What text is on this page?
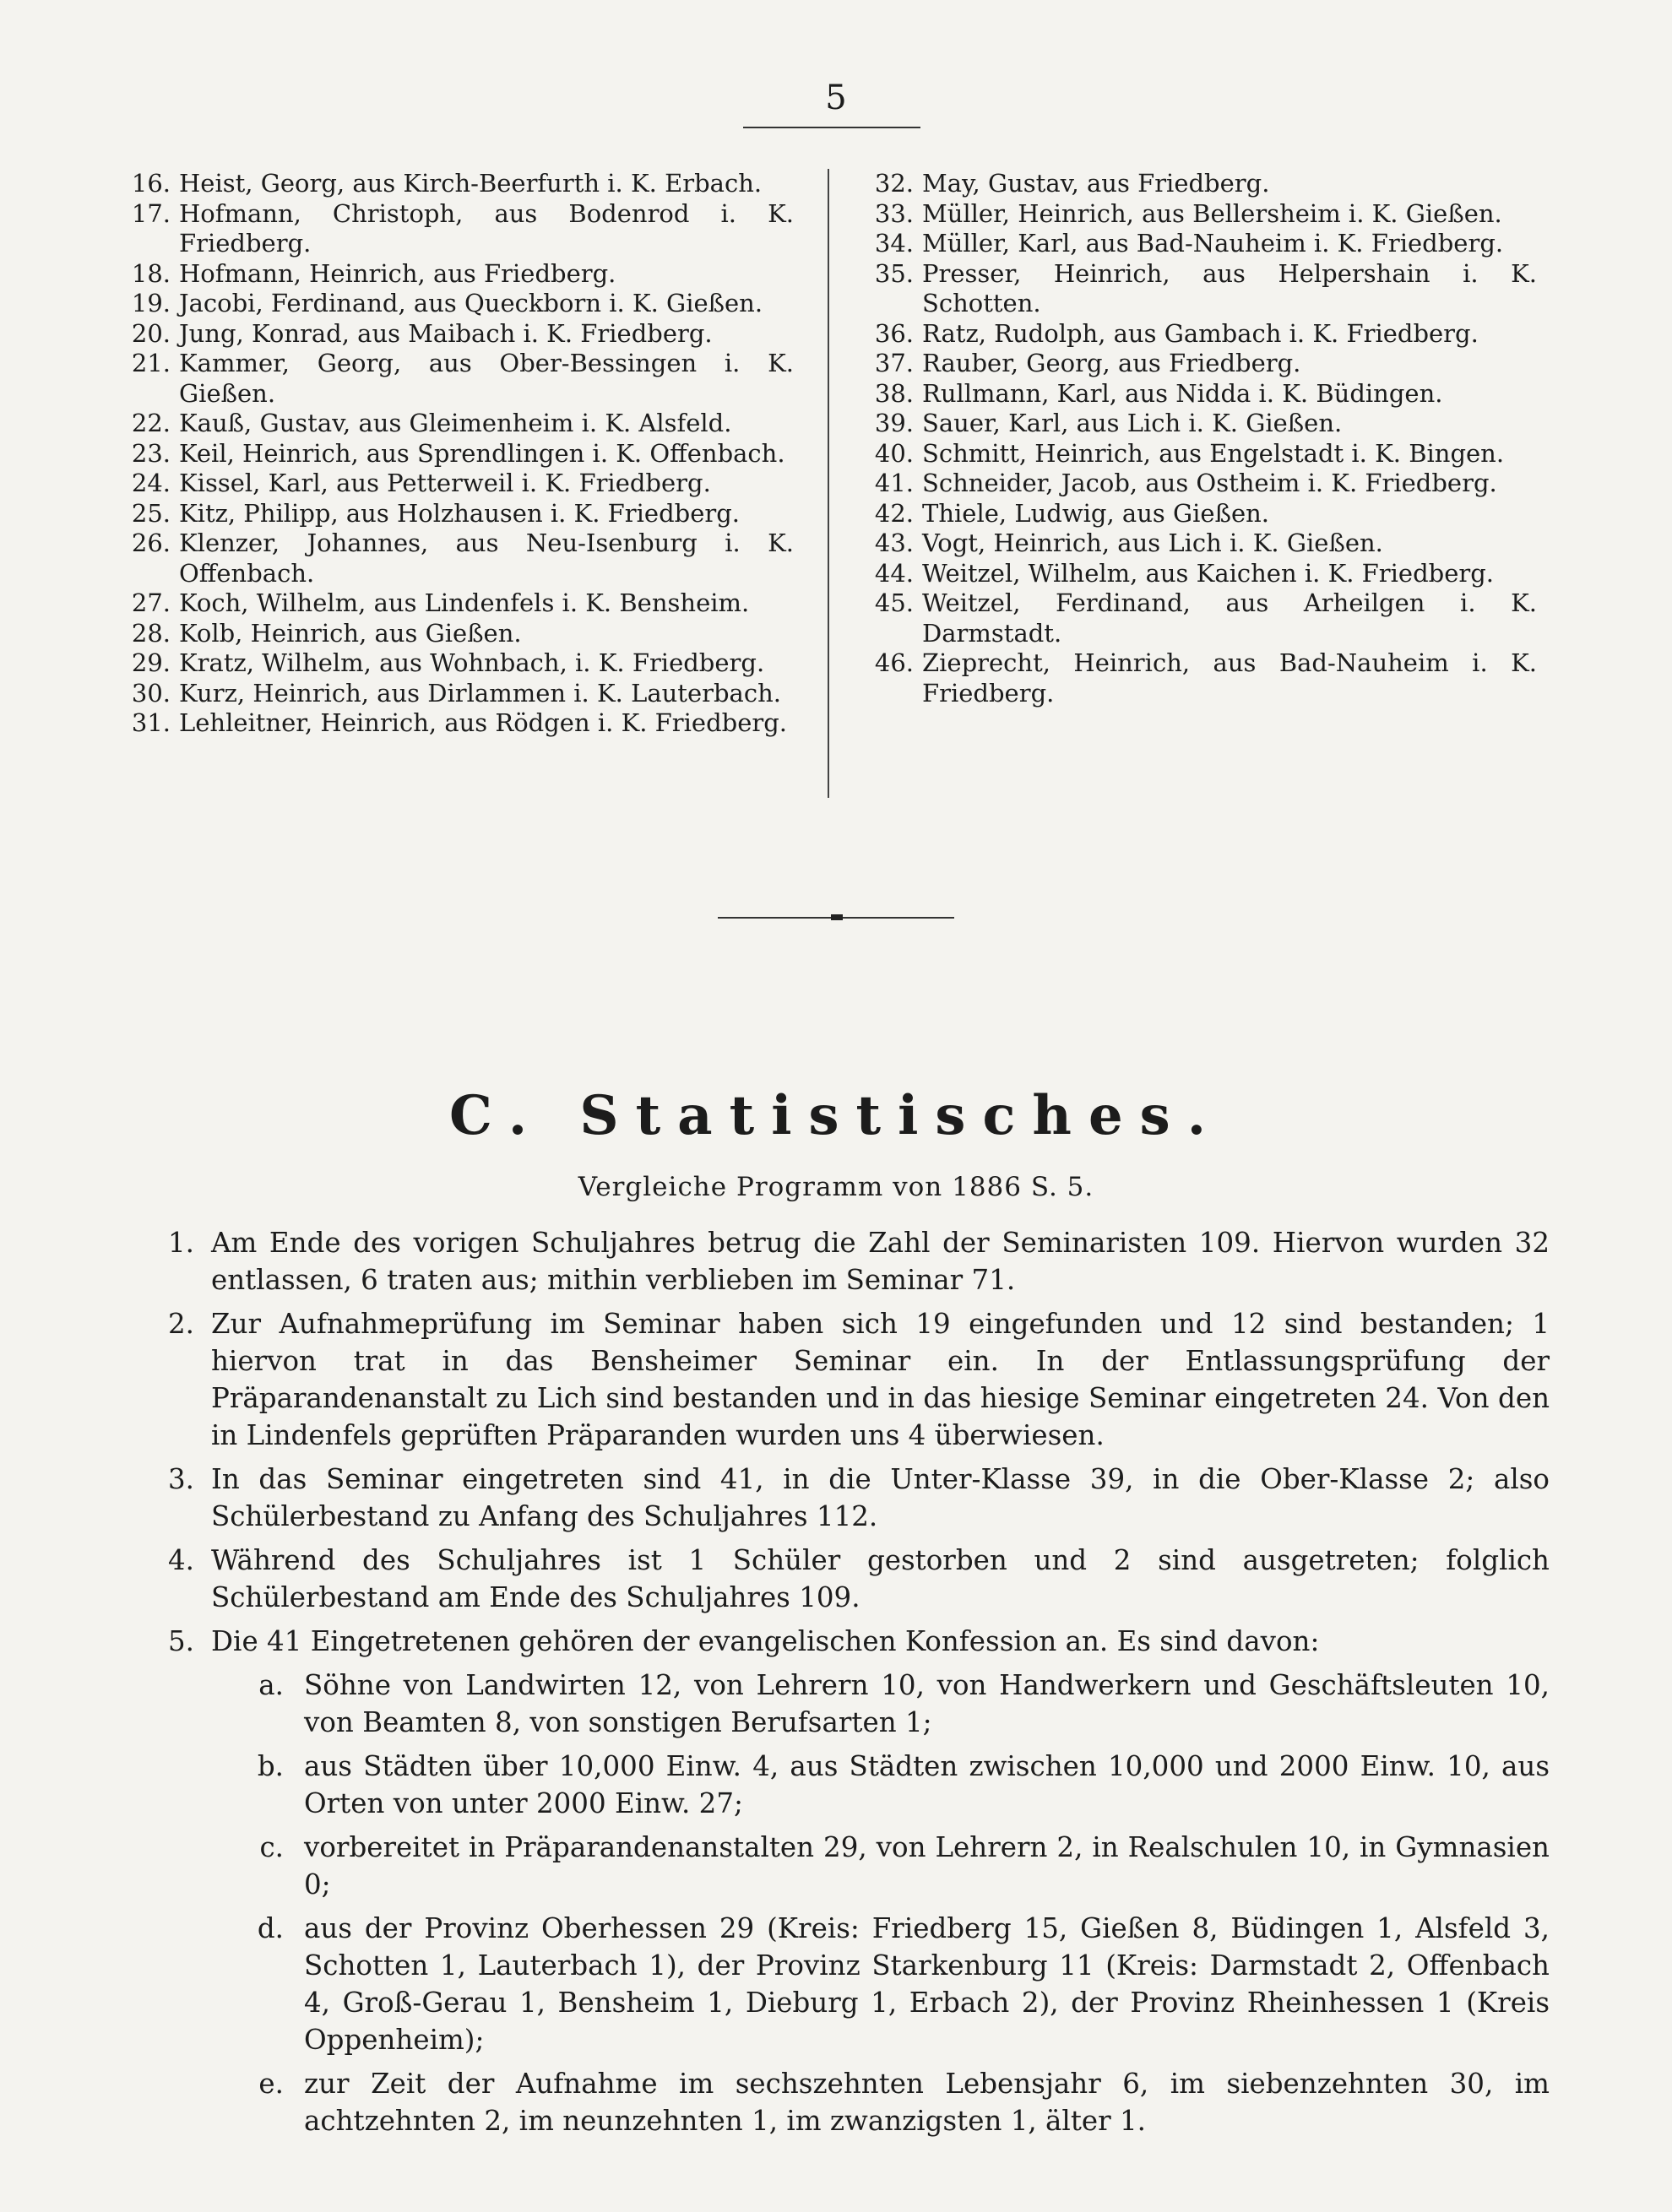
5
16. Heist, Georg, aus Kirch-Beerfurth i. K. Erbach.
17. Hofmann, Christoph, aus Bodenrod i. K. Friedberg.
18. Hofmann, Heinrich, aus Friedberg.
19. Jacobi, Ferdinand, aus Queckborn i. K. Gießen.
20. Jung, Konrad, aus Maibach i. K. Friedberg.
21. Kammer, Georg, aus Ober-Bessingen i. K. Gießen.
22. Kauß, Gustav, aus Gleimenheim i. K. Alsfeld.
23. Keil, Heinrich, aus Sprendlingen i. K. Offenbach.
24. Kissel, Karl, aus Petterweil i. K. Friedberg.
25. Kitz, Philipp, aus Holzhausen i. K. Friedberg.
26. Klenzer, Johannes, aus Neu-Isenburg i. K. Offenbach.
27. Koch, Wilhelm, aus Lindenfels i. K. Bensheim.
28. Kolb, Heinrich, aus Gießen.
29. Kratz, Wilhelm, aus Wohnbach, i. K. Friedberg.
30. Kurz, Heinrich, aus Dirlammen i. K. Lauterbach.
31. Lehleitner, Heinrich, aus Rödgen i. K. Friedberg.
32. May, Gustav, aus Friedberg.
33. Müller, Heinrich, aus Bellersheim i. K. Gießen.
34. Müller, Karl, aus Bad-Nauheim i. K. Friedberg.
35. Presser, Heinrich, aus Helpershain i. K. Schotten.
36. Ratz, Rudolph, aus Gambach i. K. Friedberg.
37. Rauber, Georg, aus Friedberg.
38. Rullmann, Karl, aus Nidda i. K. Büdingen.
39. Sauer, Karl, aus Lich i. K. Gießen.
40. Schmitt, Heinrich, aus Engelstadt i. K. Bingen.
41. Schneider, Jacob, aus Ostheim i. K. Friedberg.
42. Thiele, Ludwig, aus Gießen.
43. Vogt, Heinrich, aus Lich i. K. Gießen.
44. Weitzel, Wilhelm, aus Kaichen i. K. Friedberg.
45. Weitzel, Ferdinand, aus Arheilgen i. K. Darmstadt.
46. Zieprecht, Heinrich, aus Bad-Nauheim i. K. Friedberg.
C. Statistisches.
Vergleiche Programm von 1886 S. 5.
1. Am Ende des vorigen Schuljahres betrug die Zahl der Seminaristen 109. Hiervon wurden 32 entlassen, 6 traten aus; mithin verblieben im Seminar 71.
2. Zur Aufnahmeprüfung im Seminar haben sich 19 eingefunden und 12 sind bestanden; 1 hiervon trat in das Bensheimer Seminar ein. In der Entlassungsprüfung der Präparandenanstalt zu Lich sind bestanden und in das hiesige Seminar eingetreten 24. Von den in Lindenfels geprüften Präparanden wurden uns 4 überwiesen.
3. In das Seminar eingetreten sind 41, in die Unter-Klasse 39, in die Ober-Klasse 2; also Schülerbestand zu Anfang des Schuljahres 112.
4. Während des Schuljahres ist 1 Schüler gestorben und 2 sind ausgetreten; folglich Schülerbestand am Ende des Schuljahres 109.
5. Die 41 Eingetretenen gehören der evangelischen Konfession an. Es sind davon:
a. Söhne von Landwirten 12, von Lehrern 10, von Handwerkern und Geschäftsleuten 10, von Beamten 8, von sonstigen Berufsarten 1;
b. aus Städten über 10,000 Einw. 4, aus Städten zwischen 10,000 und 2000 Einw. 10, aus Orten von unter 2000 Einw. 27;
c. vorbereitet in Präparandenanstalten 29, von Lehrern 2, in Realschulen 10, in Gymnasien 0;
d. aus der Provinz Oberhessen 29 (Kreis: Friedberg 15, Gießen 8, Büdingen 1, Alsfeld 3, Schotten 1, Lauterbach 1), der Provinz Starkenburg 11 (Kreis: Darmstadt 2, Offenbach 4, Groß-Gerau 1, Bensheim 1, Dieburg 1, Erbach 2), der Provinz Rheinhessen 1 (Kreis Oppenheim);
e. zur Zeit der Aufnahme im sechszehnten Lebensjahr 6, im siebenzehnten 30, im achtzehnten 2, im neunzehnten 1, im zwanzigsten 1, älter 1.
